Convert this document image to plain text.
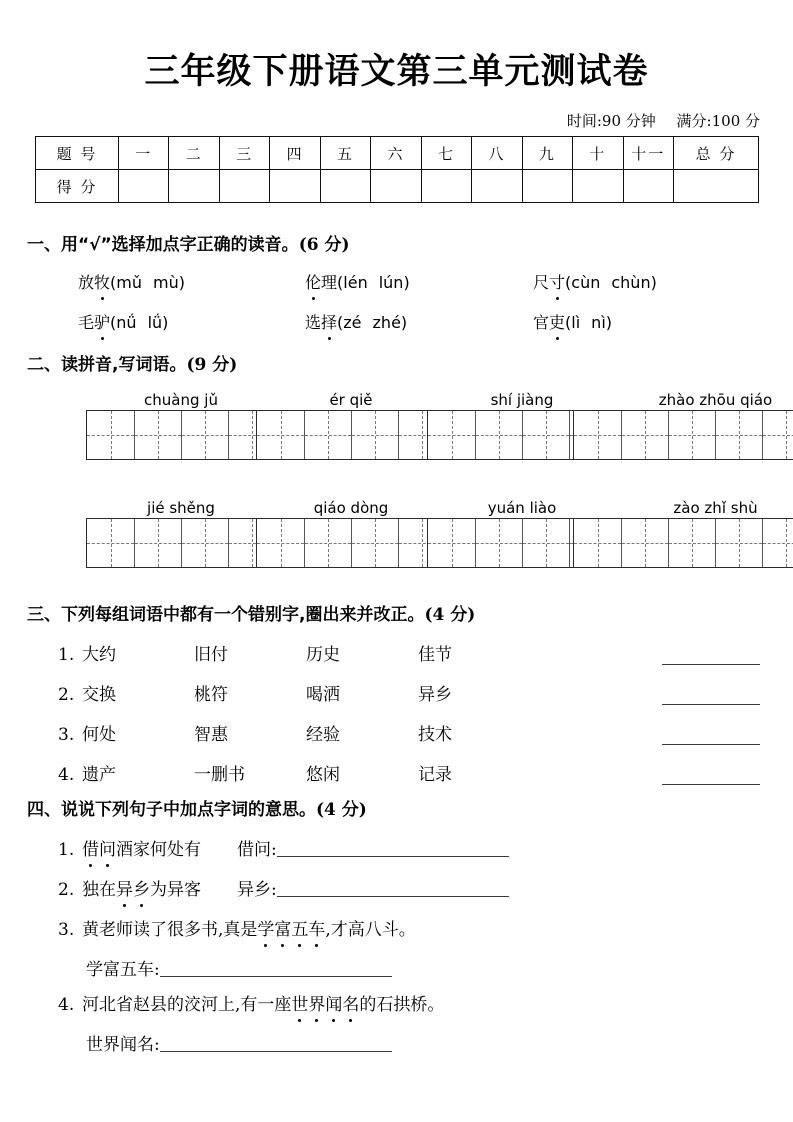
三年级下册语文第三单元测试卷
时间:90 分钟 满分:100 分
题 号	一	二	三	四	五	六	七	八	九	十	十一	总 分
得 分												
一、用“√”选择加点字正确的读音。(6 分)
放牧(mǔ mù)	伦理(lén lún)	尺寸(cùn chùn)
毛驴(nǘ lǘ)	选择(zé zhé)	官吏(lì nì)
二、读拼音,写词语。(9 分)
chuàng jǔ	ér qiě	shí jiàng	zhào zhōu qiáo
jié shěng	qiáo dòng	yuán liào	zào zhǐ shù
三、下列每组词语中都有一个错别字,圈出来并改正。(4 分)
1. 大约	旧付	历史	佳节
2. 交换	桃符	喝洒	异乡
3. 何处	智惠	经验	技术
4. 遗产	一删书	悠闲	记录
四、说说下列句子中加点字词的意思。(4 分)
1. 借问酒家何处有 借问:
2. 独在异乡为异客 异乡:
3. 黄老师读了很多书,真是学富五车,才高八斗。
学富五车:
4. 河北省赵县的洨河上,有一座世界闻名的石拱桥。
世界闻名:
